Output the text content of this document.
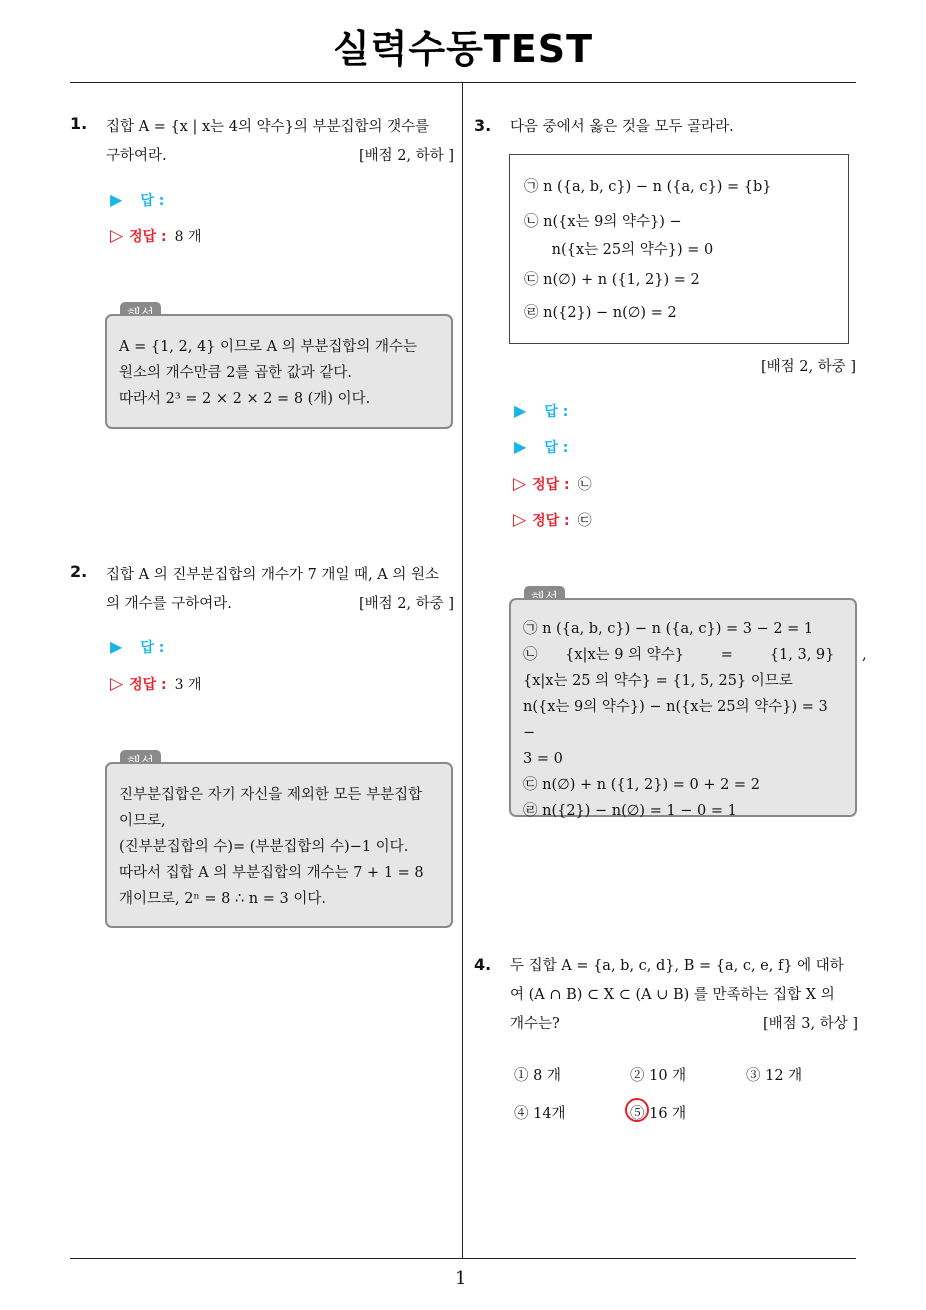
실력수동TEST
1. 집합 A = {x | x는 4의 약수}의 부분집합의 갯수를
구하여라.	[배점 2, 하하 ]
▶ 답 :
▷ 정답 : 8 개
A = {1, 2, 4} 이므로 A 의 부분집합의 개수는
원소의 개수만큼 2를 곱한 값과 같다.
따라서 2³ = 2 × 2 × 2 = 8 (개) 이다.
2. 집합 A 의 진부분집합의 개수가 7 개일 때, A 의 원소
의 개수를 구하여라.	[배점 2, 하중 ]
▶ 답 :
▷ 정답 : 3 개
진부분집합은 자기 자신을 제외한 모든 부분집합
이므로,
(진부분집합의 수)= (부분집합의 수)−1 이다.
따라서 집합 A 의 부분집합의 개수는 7 + 1 = 8
개이므로, 2ⁿ = 8 ∴ n = 3 이다.
3. 다음 중에서 옳은 것을 모두 골라라.
㉠ n ({a, b, c}) − n ({a, c}) = {b}
㉡ n({x는 9의 약수}) −
n({x는 25의 약수}) = 0
㉢ n(∅) + n ({1, 2}) = 2
㉣ n({2}) − n(∅) = 2
[배점 2, 하중 ]
▶ 답 :
▶ 답 :
▷ 정답 : ㉡
▷ 정답 : ㉢
㉠ n ({a, b, c}) − n ({a, c}) = 3 − 2 = 1
㉡      {x|x는 9 의 약수}        =        {1, 3, 9}      ,
{x|x는 25 의 약수} = {1, 5, 25} 이므로
n({x는 9의 약수}) − n({x는 25의 약수}) = 3 −
3 = 0
㉢ n(∅) + n ({1, 2}) = 0 + 2 = 2
㉣ n({2}) − n(∅) = 1 − 0 = 1
4. 두 집합 A = {a, b, c, d}, B = {a, c, e, f} 에 대하
여 (A ∩ B) ⊂ X ⊂ (A ∪ B) 를 만족하는 집합 X 의
개수는?	[배점 3, 하상 ]
① 8 개	② 10 개	③ 12 개
④ 14개	⑤ 16 개
1
